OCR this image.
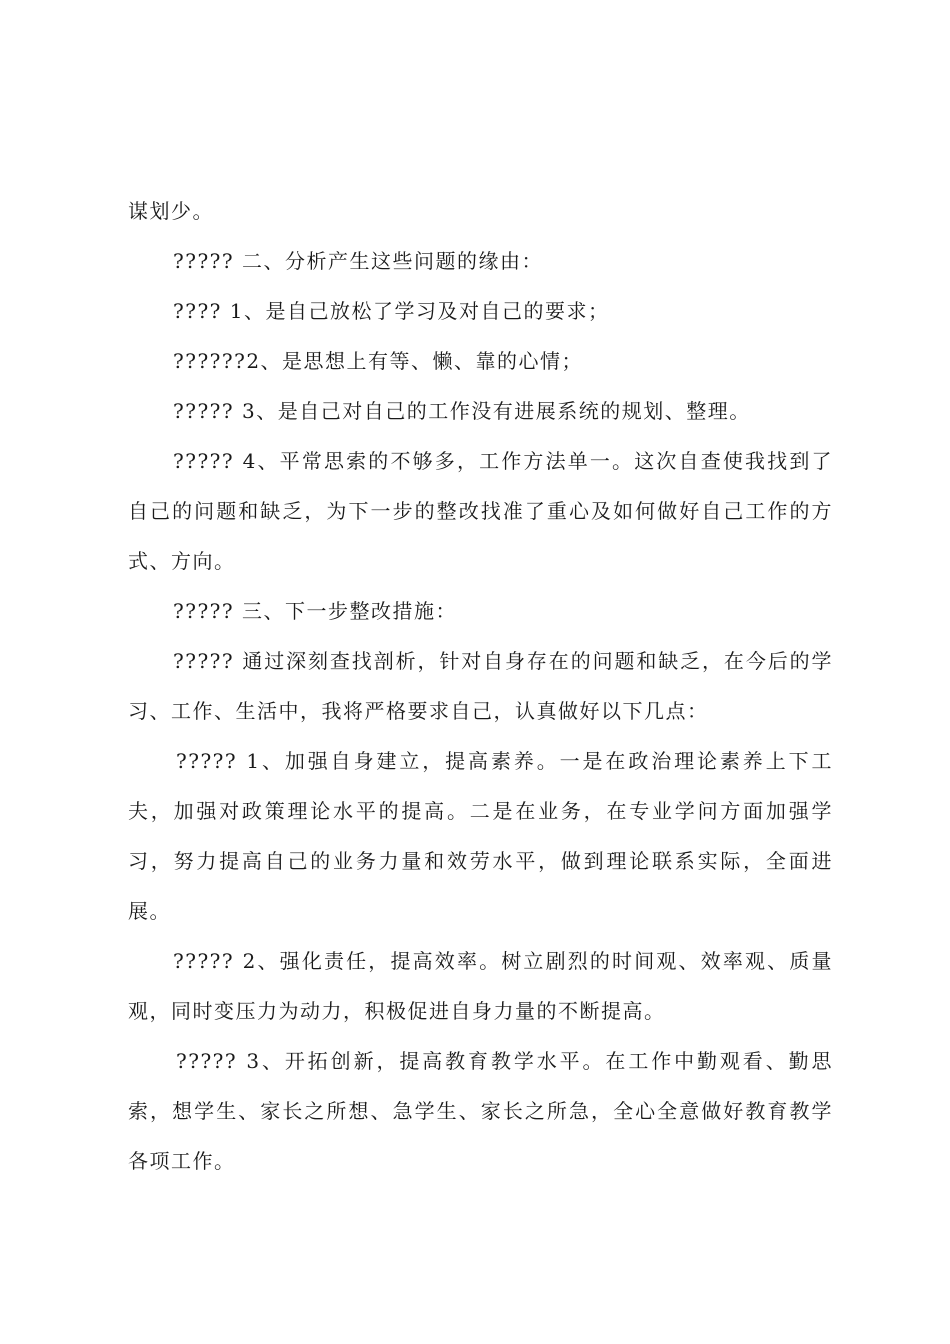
谋划少。

????? 二、分析产生这些问题的缘由：

???? 1、是自己放松了学习及对自己的要求；

??????2、是思想上有等、懒、靠的心情；

????? 3、是自己对自己的工作没有进展系统的规划、整理。

????? 4、平常思索的不够多，工作方法单一。这次自查使我找到了自己的问题和缺乏，为下一步的整改找准了重心及如何做好自己工作的方式、方向。

????? 三、下一步整改措施：

????? 通过深刻查找剖析，针对自身存在的问题和缺乏，在今后的学习、工作、生活中，我将严格要求自己，认真做好以下几点：

????? 1、加强自身建立，提高素养。一是在政治理论素养上下工夫，加强对政策理论水平的提高。二是在业务，在专业学问方面加强学习，努力提高自己的业务力量和效劳水平，做到理论联系实际，全面进展。

????? 2、强化责任，提高效率。树立剧烈的时间观、效率观、质量观，同时变压力为动力，积极促进自身力量的不断提高。

????? 3、开拓创新，提高教育教学水平。在工作中勤观看、勤思索，想学生、家长之所想、急学生、家长之所急，全心全意做好教育教学各项工作。
